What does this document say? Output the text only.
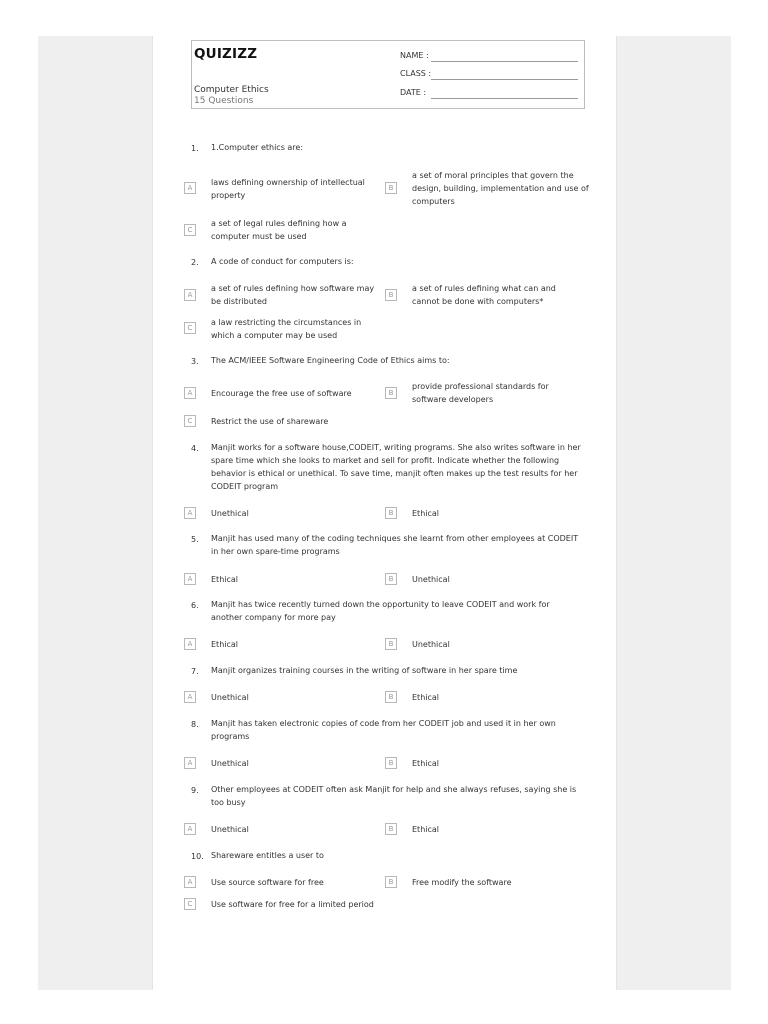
QUIZIZZ
Computer Ethics
15 Questions
NAME :
CLASS :
DATE :
1.	1.Computer ethics are:
A
laws defining ownership of intellectual property
B
a set of moral principles that govern the design, building, implementation and use of computers
C
a set of legal rules defining how a computer must be used
2.	A code of conduct for computers is:
A
a set of rules defining how software may be distributed
B
a set of rules defining what can and cannot be done with computers*
C
a law restricting the circumstances in which a computer may be used
3.	The ACM/IEEE Software Engineering Code of Ethics aims to:
A	Encourage the free use of software	B
provide professional standards for software developers
C	Restrict the use of shareware
4.	Manjit works for a software house,CODEIT, writing programs. She also writes software in her spare time which she looks to market and sell for profit. Indicate whether the following behavior is ethical or unethical. To save time, manjit often makes up the test results for her CODEIT program
A	Unethical	B	Ethical
5.	Manjit has used many of the coding techniques she learnt from other employees at CODEIT in her own spare-time programs
A	Ethical	B	Unethical
6.	Manjit has twice recently turned down the opportunity to leave CODEIT and work for another company for more pay
A	Ethical	B	Unethical
7.	Manjit organizes training courses in the writing of software in her spare time
A	Unethical	B	Ethical
8.	Manjit has taken electronic copies of code from her CODEIT job and used it in her own programs
A	Unethical	B	Ethical
9.	Other employees at CODEIT often ask Manjit for help and she always refuses, saying she is too busy
A	Unethical	B	Ethical
10. Shareware entitles a user to
A	Use source software for free	B	Free modify the software
C	Use software for free for a limited period
